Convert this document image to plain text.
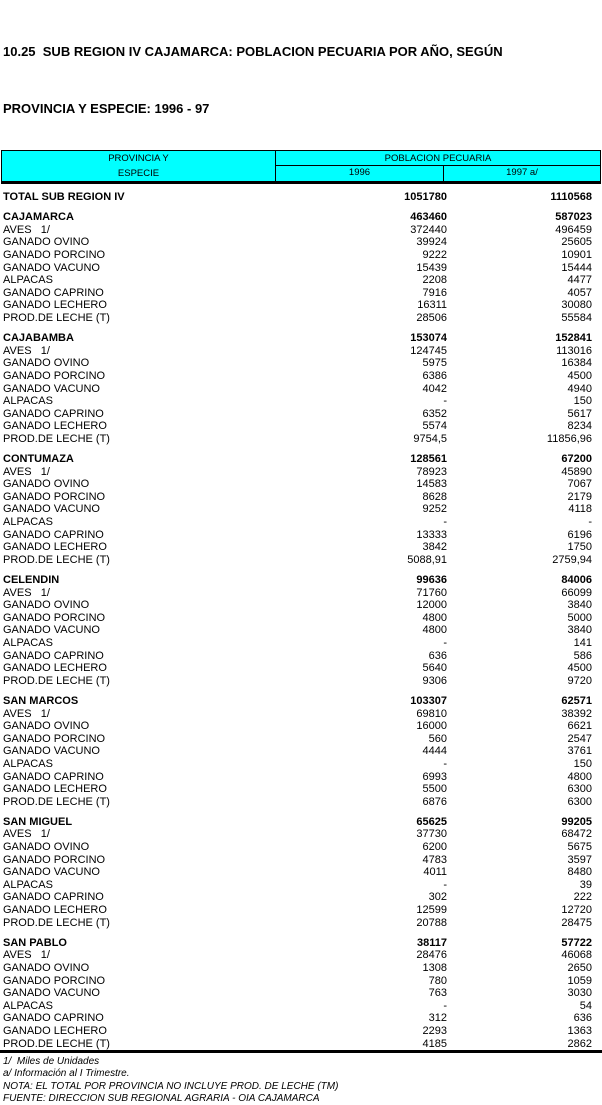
10.25  SUB REGION IV CAJAMARCA: POBLACION PECUARIA POR AÑO, SEGÚN

PROVINCIA Y ESPECIE: 1996 - 97

PROVINCIA Y
ESPECIE
POBLACION PECUARIA
1996	1997 a/
TOTAL SUB REGION IV	1051780	1110568
CAJAMARCA	463460	587023
AVES   1/	372440	496459
GANADO OVINO	39924	25605
GANADO PORCINO	9222	10901
GANADO VACUNO	15439	15444
ALPACAS	2208	4477
GANADO CAPRINO	7916	4057
GANADO LECHERO	16311	30080
PROD.DE LECHE (T)	28506	55584
CAJABAMBA	153074	152841
AVES   1/	124745	113016
GANADO OVINO	5975	16384
GANADO PORCINO	6386	4500
GANADO VACUNO	4042	4940
ALPACAS	-	150
GANADO CAPRINO	6352	5617
GANADO LECHERO	5574	8234
PROD.DE LECHE (T)	9754,5	11856,96
CONTUMAZA	128561	67200
AVES   1/	78923	45890
GANADO OVINO	14583	7067
GANADO PORCINO	8628	2179
GANADO VACUNO	9252	4118
ALPACAS	-	-
GANADO CAPRINO	13333	6196
GANADO LECHERO	3842	1750
PROD.DE LECHE (T)	5088,91	2759,94
CELENDIN	99636	84006
AVES   1/	71760	66099
GANADO OVINO	12000	3840
GANADO PORCINO	4800	5000
GANADO VACUNO	4800	3840
ALPACAS	-	141
GANADO CAPRINO	636	586
GANADO LECHERO	5640	4500
PROD.DE LECHE (T)	9306	9720
SAN MARCOS	103307	62571
AVES   1/	69810	38392
GANADO OVINO	16000	6621
GANADO PORCINO	560	2547
GANADO VACUNO	4444	3761
ALPACAS	-	150
GANADO CAPRINO	6993	4800
GANADO LECHERO	5500	6300
PROD.DE LECHE (T)	6876	6300
SAN MIGUEL	65625	99205
AVES   1/	37730	68472
GANADO OVINO	6200	5675
GANADO PORCINO	4783	3597
GANADO VACUNO	4011	8480
ALPACAS	-	39
GANADO CAPRINO	302	222
GANADO LECHERO	12599	12720
PROD.DE LECHE (T)	20788	28475
SAN PABLO	38117	57722
AVES   1/	28476	46068
GANADO OVINO	1308	2650
GANADO PORCINO	780	1059
GANADO VACUNO	763	3030
ALPACAS	-	54
GANADO CAPRINO	312	636
GANADO LECHERO	2293	1363
PROD.DE LECHE (T)	4185	2862
1/  Miles de Unidades
a/ Información al I Trimestre.
NOTA: EL TOTAL POR PROVINCIA NO INCLUYE PROD. DE LECHE (TM)
FUENTE: DIRECCION SUB REGIONAL AGRARIA - OIA CAJAMARCA
